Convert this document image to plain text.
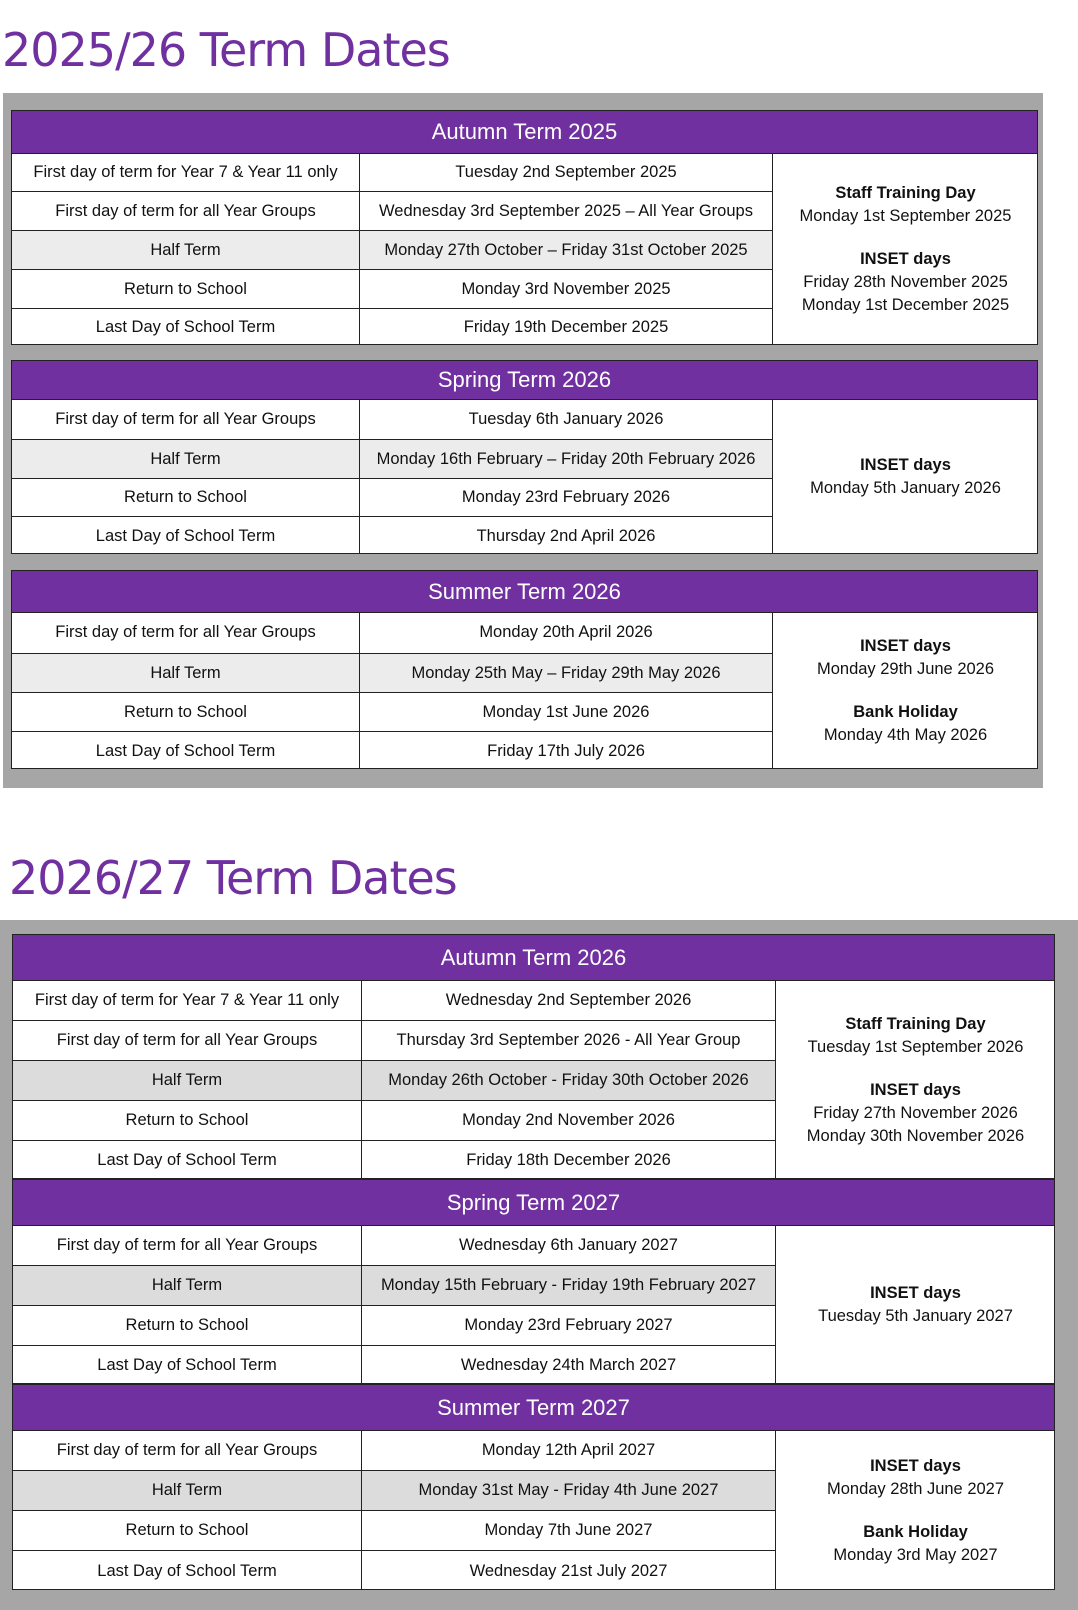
2025/26 Term Dates
Autumn Term 2025
First day of term for Year 7 & Year 11 only	Tuesday 2nd September 2025
First day of term for all Year Groups	Wednesday 3rd September 2025 – All Year Groups
Half Term	Monday 27th October – Friday 31st October 2025
Return to School	Monday 3rd November 2025
Last Day of School Term	Friday 19th December 2025
Staff Training Day
Monday 1st September 2025
INSET days
Friday 28th November 2025
Monday 1st December 2025
Spring Term 2026
First day of term for all Year Groups	Tuesday 6th January 2026
Half Term	Monday 16th February – Friday 20th February 2026
Return to School	Monday 23rd February 2026
Last Day of School Term	Thursday 2nd April 2026
INSET days
Monday 5th January 2026
Summer Term 2026
First day of term for all Year Groups	Monday 20th April 2026
Half Term	Monday 25th May – Friday 29th May 2026
Return to School	Monday 1st June 2026
Last Day of School Term	Friday 17th July 2026
INSET days
Monday 29th June 2026
Bank Holiday
Monday 4th May 2026
2026/27 Term Dates
Autumn Term 2026
First day of term for Year 7 & Year 11 only	Wednesday 2nd September 2026
First day of term for all Year Groups	Thursday 3rd September 2026 - All Year Group
Half Term	Monday 26th October - Friday 30th October 2026
Return to School	Monday 2nd November 2026
Last Day of School Term	Friday 18th December 2026
Staff Training Day
Tuesday 1st September 2026
INSET days
Friday 27th November 2026
Monday 30th November 2026
Spring Term 2027
First day of term for all Year Groups	Wednesday 6th January 2027
Half Term	Monday 15th February - Friday 19th February 2027
Return to School	Monday 23rd February 2027
Last Day of School Term	Wednesday 24th March 2027
INSET days
Tuesday 5th January 2027
Summer Term 2027
First day of term for all Year Groups	Monday 12th April 2027
Half Term	Monday 31st May - Friday 4th June 2027
Return to School	Monday 7th June 2027
Last Day of School Term	Wednesday 21st July 2027
INSET days
Monday 28th June 2027
Bank Holiday
Monday 3rd May 2027
